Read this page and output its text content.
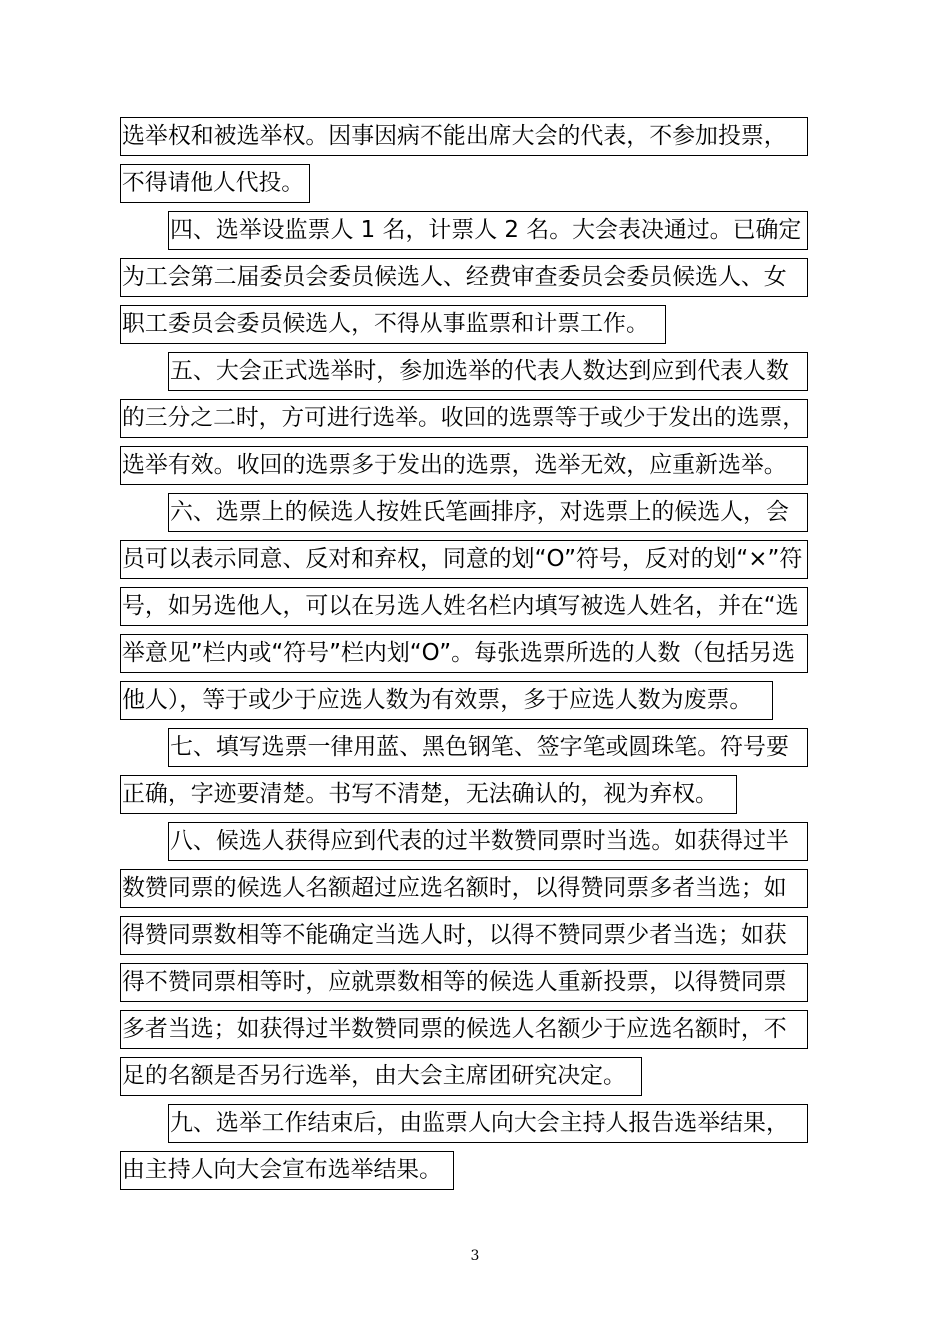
选举权和被选举权。因事因病不能出席大会的代表，不参加投票，
不得请他人代投。
四、选举设监票人 1 名，计票人 2 名。大会表决通过。已确定
为工会第二届委员会委员候选人、经费审查委员会委员候选人、女
职工委员会委员候选人，不得从事监票和计票工作。
五、大会正式选举时，参加选举的代表人数达到应到代表人数
的三分之二时，方可进行选举。收回的选票等于或少于发出的选票，
选举有效。收回的选票多于发出的选票，选举无效，应重新选举。
六、选票上的候选人按姓氏笔画排序，对选票上的候选人，会
员可以表示同意、反对和弃权，同意的划“O”符号，反对的划“×”符
号，如另选他人，可以在另选人姓名栏内填写被选人姓名，并在“选
举意见”栏内或“符号”栏内划“O”。每张选票所选的人数（包括另选
他人），等于或少于应选人数为有效票，多于应选人数为废票。
七、填写选票一律用蓝、黑色钢笔、签字笔或圆珠笔。符号要
正确，字迹要清楚。书写不清楚，无法确认的，视为弃权。
八、候选人获得应到代表的过半数赞同票时当选。如获得过半
数赞同票的候选人名额超过应选名额时，以得赞同票多者当选；如
得赞同票数相等不能确定当选人时，以得不赞同票少者当选；如获
得不赞同票相等时，应就票数相等的候选人重新投票，以得赞同票
多者当选；如获得过半数赞同票的候选人名额少于应选名额时，不
足的名额是否另行选举，由大会主席团研究决定。
九、选举工作结束后，由监票人向大会主持人报告选举结果，
由主持人向大会宣布选举结果。
3
